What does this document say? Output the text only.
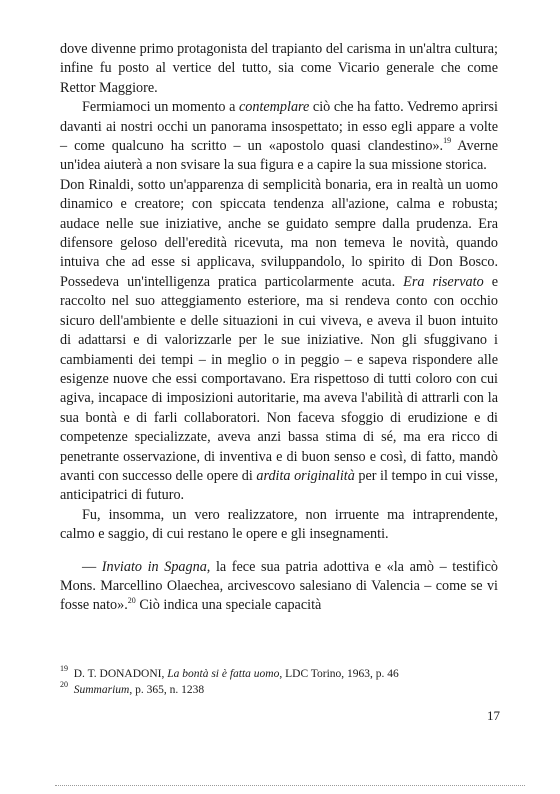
dove divenne primo protagonista del trapianto del carisma in un'altra cultura; infine fu posto al vertice del tutto, sia come Vicario generale che come Rettor Maggiore.

Fermiamoci un momento a contemplare ciò che ha fatto. Vedremo aprirsi davanti ai nostri occhi un panorama insospettato; in esso egli appare a volte – come qualcuno ha scritto – un «apostolo quasi clandestino».$^{19}$ Averne un'idea aiuterà a non svisare la sua figura e a capire la sua missione storica.

Don Rinaldi, sotto un'apparenza di semplicità bonaria, era in realtà un uomo dinamico e creatore; con spiccata tendenza all'azione, calma e robusta; audace nelle sue iniziative, anche se guidato sempre dalla prudenza. Era difensore geloso dell'eredità ricevuta, ma non temeva le novità, quando intuiva che ad esse si applicava, sviluppandolo, lo spirito di Don Bosco. Possedeva un'intelligenza pratica particolarmente acuta. Era riservato e raccolto nel suo atteggiamento esteriore, ma si rendeva conto con occhio sicuro dell'ambiente e delle situazioni in cui viveva, e aveva il buon intuito di adattarsi e di valorizzarle per le sue iniziative. Non gli sfuggivano i cambiamenti dei tempi – in meglio o in peggio – e sapeva rispondere alle esigenze nuove che essi comportavano. Era rispettoso di tutti coloro con cui agiva, incapace di imposizioni autoritarie, ma aveva l'abilità di attrarli con la sua bontà e di farli collaboratori. Non faceva sfoggio di erudizione e di competenze specializzate, aveva anzi bassa stima di sé, ma era ricco di penetrante osservazione, di inventiva e di buon senso e così, di fatto, mandò avanti con successo delle opere di ardita originalità per il tempo in cui visse, anticipatrici di futuro.

Fu, insomma, un vero realizzatore, non irruente ma intraprendente, calmo e saggio, di cui restano le opere e gli insegnamenti.

— Inviato in Spagna, la fece sua patria adottiva e «la amò – testificò Mons. Marcellino Olaechea, arcivescovo salesiano di Valencia – come se vi fosse nato».$^{20}$ Ciò indica una speciale capacità

$^{19}$  D. T. DONADONI, La bontà si è fatta uomo, LDC Torino, 1963, p. 46
$^{20}$  Summarium, p. 365, n. 1238
17
